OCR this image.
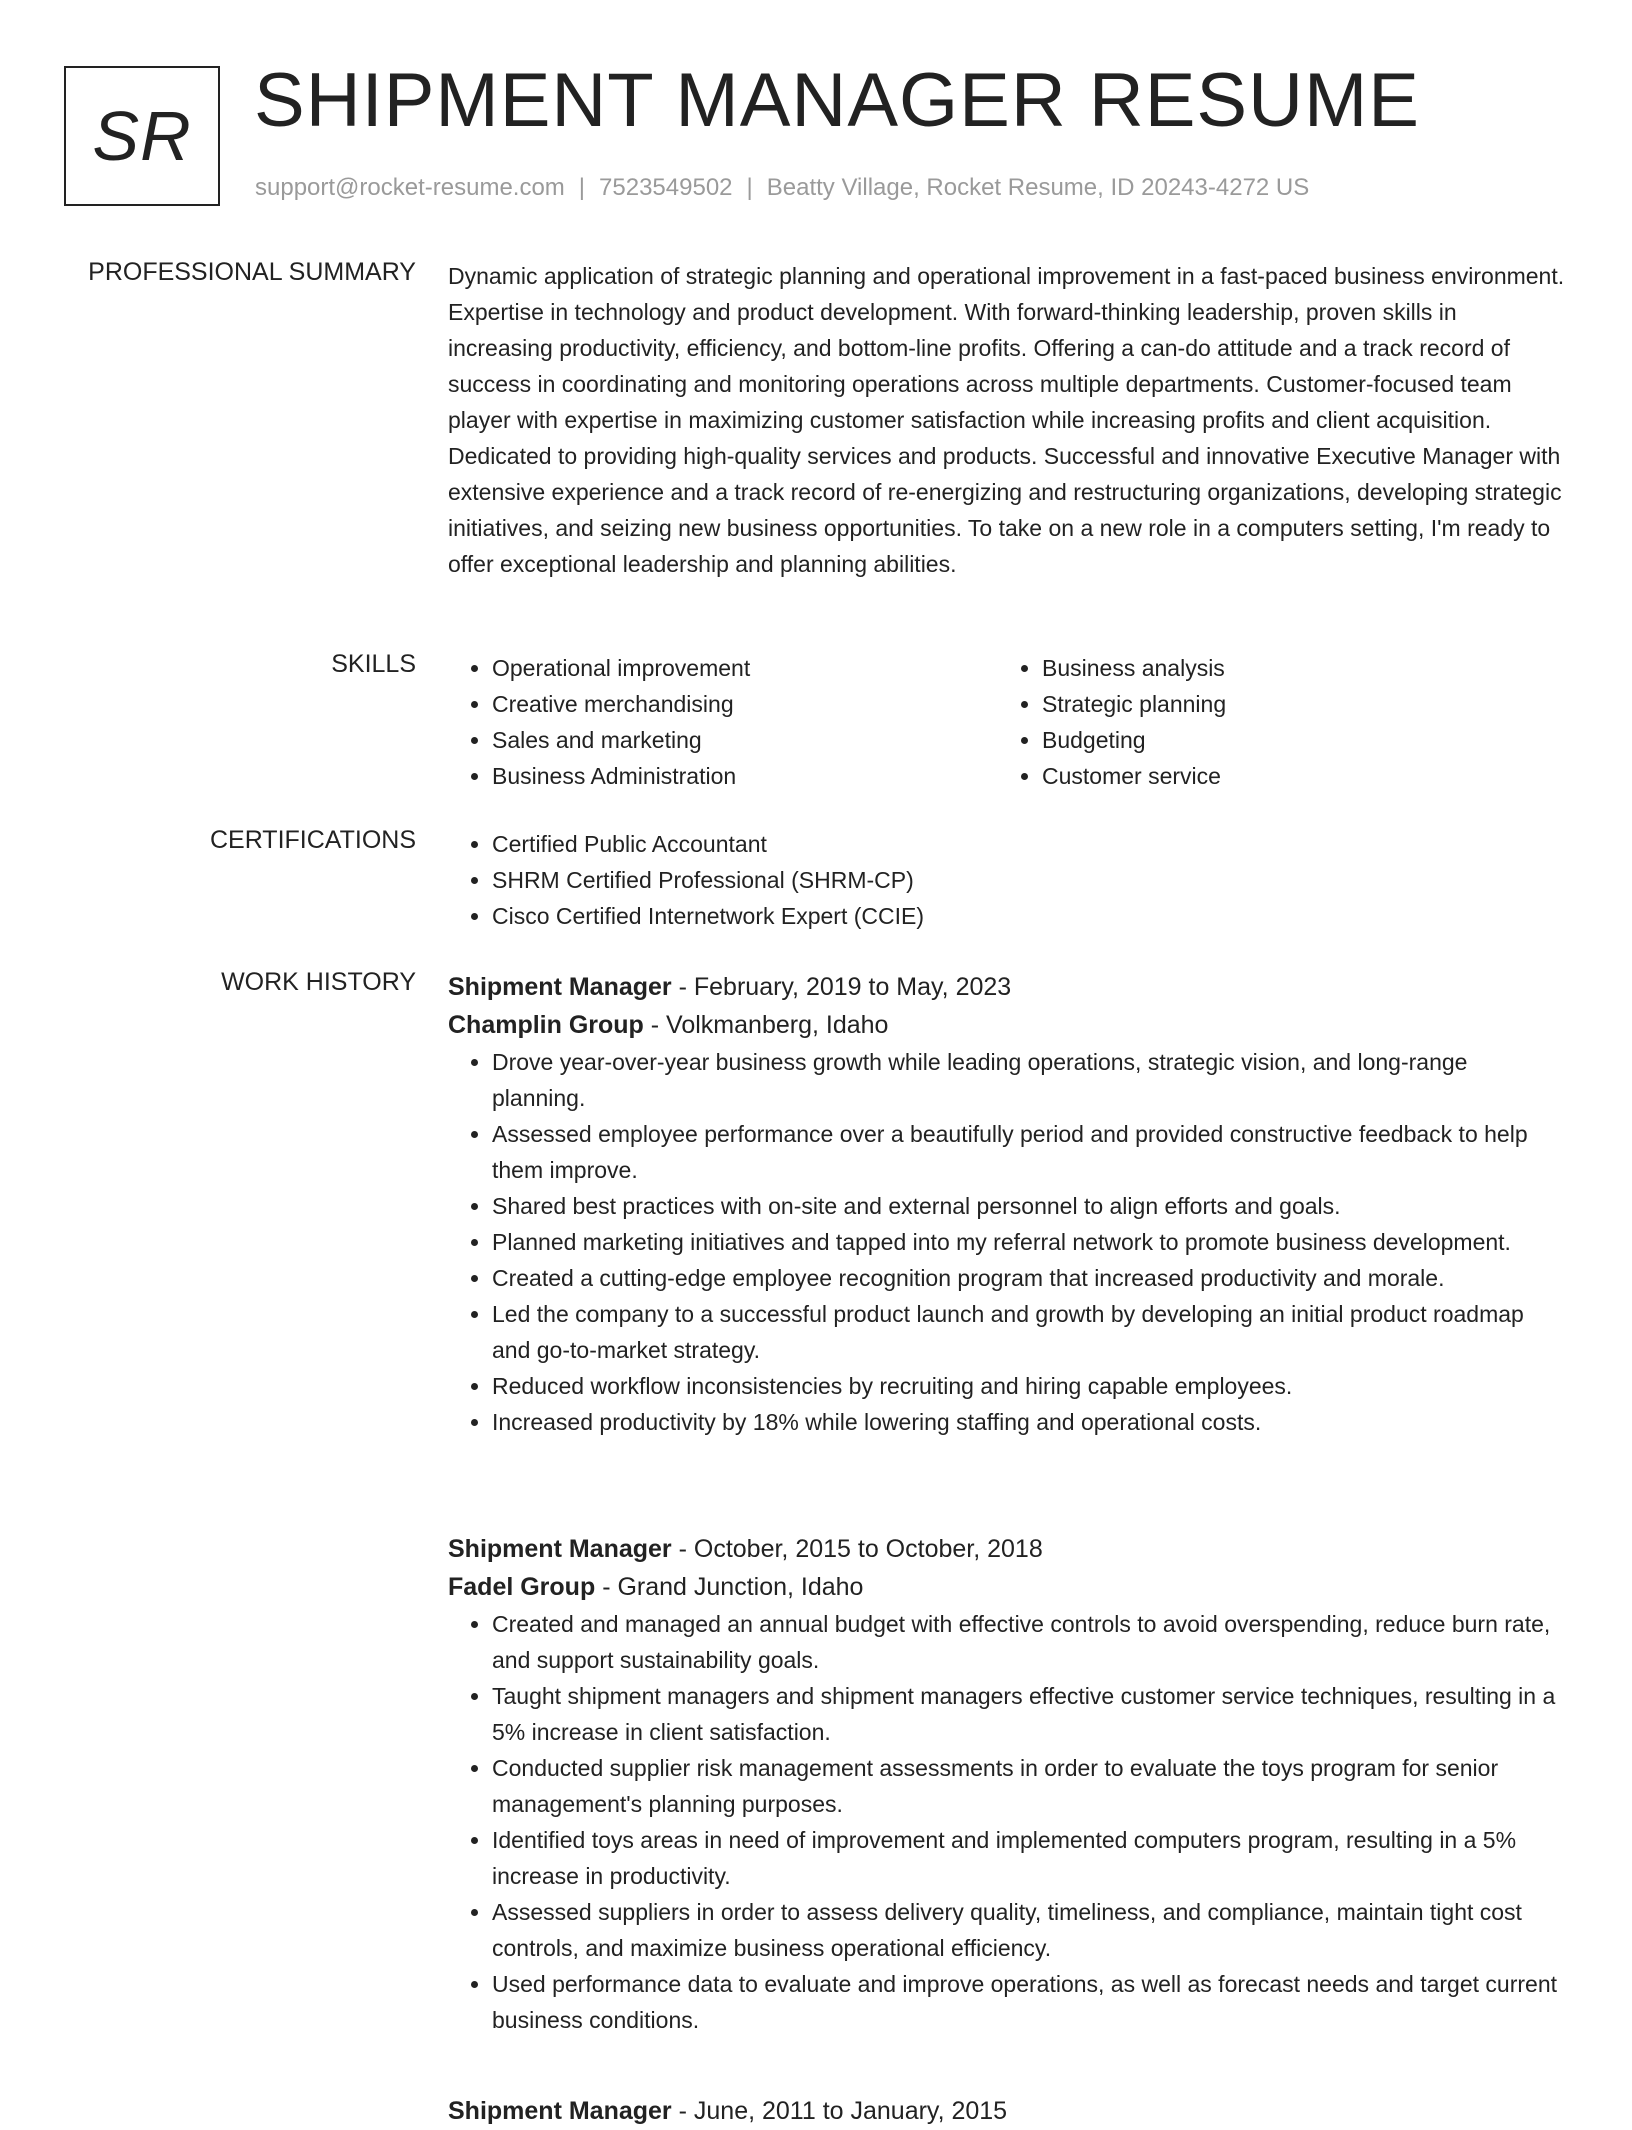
SR SHIPMENT MANAGER RESUME
support@rocket-resume.com | 7523549502 | Beatty Village, Rocket Resume, ID 20243-4272 US
PROFESSIONAL SUMMARY Dynamic application of strategic planning and operational improvement in a fast-paced business environment. Expertise in technology and product development. With forward-thinking leadership, proven skills in increasing productivity, efficiency, and bottom-line profits. Offering a can-do attitude and a track record of success in coordinating and monitoring operations across multiple departments. Customer-focused team player with expertise in maximizing customer satisfaction while increasing profits and client acquisition. Dedicated to providing high-quality services and products. Successful and innovative Executive Manager with extensive experience and a track record of re-energizing and restructuring organizations, developing strategic initiatives, and seizing new business opportunities. To take on a new role in a computers setting, I'm ready to offer exceptional leadership and planning abilities.
SKILLS	• Operational improvement
• Creative merchandising
• Sales and marketing
• Business Administration
• Business analysis
• Strategic planning
• Budgeting
• Customer service
CERTIFICATIONS	• Certified Public Accountant
• SHRM Certified Professional (SHRM-CP)
• Cisco Certified Internetwork Expert (CCIE)
WORK HISTORY Shipment Manager - February, 2019 to May, 2023
Champlin Group - Volkmanberg, Idaho
• Drove year-over-year business growth while leading operations, strategic vision, and long-range planning.
• Assessed employee performance over a beautifully period and provided constructive feedback to help them improve.
• Shared best practices with on-site and external personnel to align efforts and goals.
• Planned marketing initiatives and tapped into my referral network to promote business development.
• Created a cutting-edge employee recognition program that increased productivity and morale.
• Led the company to a successful product launch and growth by developing an initial product roadmap and go-to-market strategy.
• Reduced workflow inconsistencies by recruiting and hiring capable employees.
• Increased productivity by 18% while lowering staffing and operational costs.
Shipment Manager - October, 2015 to October, 2018
Fadel Group - Grand Junction, Idaho
• Created and managed an annual budget with effective controls to avoid overspending, reduce burn rate, and support sustainability goals.
• Taught shipment managers and shipment managers effective customer service techniques, resulting in a 5% increase in client satisfaction.
• Conducted supplier risk management assessments in order to evaluate the toys program for senior management's planning purposes.
• Identified toys areas in need of improvement and implemented computers program, resulting in a 5% increase in productivity.
• Assessed suppliers in order to assess delivery quality, timeliness, and compliance, maintain tight cost controls, and maximize business operational efficiency.
• Used performance data to evaluate and improve operations, as well as forecast needs and target current business conditions.
Shipment Manager - June, 2011 to January, 2015
